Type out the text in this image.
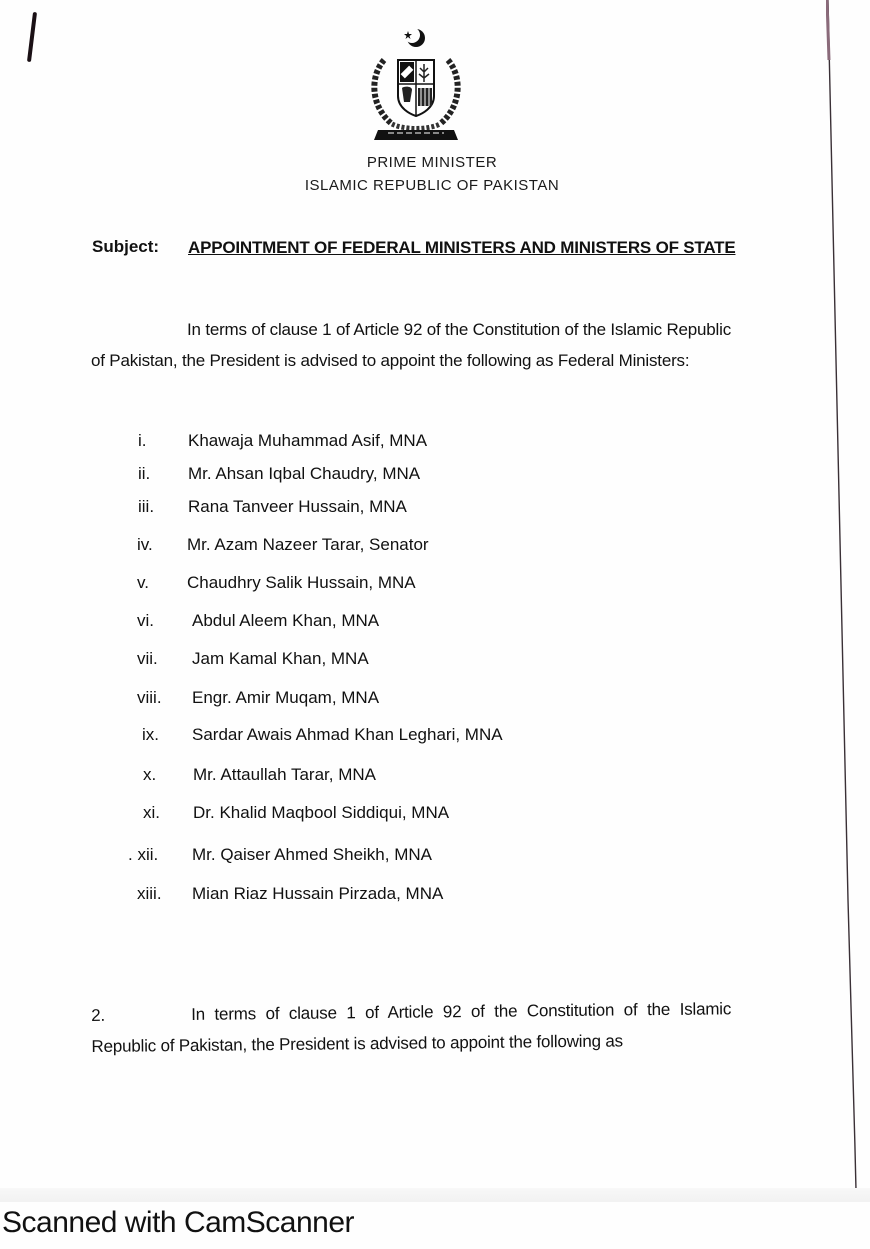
PRIME MINISTER
ISLAMIC REPUBLIC OF PAKISTAN
Subject: APPOINTMENT OF FEDERAL MINISTERS AND MINISTERS OF STATE
In terms of clause 1 of Article 92 of the Constitution of the Islamic Republic of Pakistan, the President is advised to appoint the following as Federal Ministers:
i.	Khawaja Muhammad Asif, MNA
ii.	Mr. Ahsan Iqbal Chaudry, MNA
iii.	Rana Tanveer Hussain, MNA
iv.	Mr. Azam Nazeer Tarar, Senator
v.	Chaudhry Salik Hussain, MNA
vi.	Abdul Aleem Khan, MNA
vii.	Jam Kamal Khan, MNA
viii.	Engr. Amir Muqam, MNA
ix.	Sardar Awais Ahmad Khan Leghari, MNA
x.	Mr. Attaullah Tarar, MNA
xi.	Dr. Khalid Maqbool Siddiqui, MNA
. xii.	Mr. Qaiser Ahmed Sheikh, MNA
xiii.	Mian Riaz Hussain Pirzada, MNA
2.	In terms of clause 1 of Article 92 of the Constitution of the Islamic Republic of Pakistan, the President is advised to appoint the following as
Scanned with CamScanner
